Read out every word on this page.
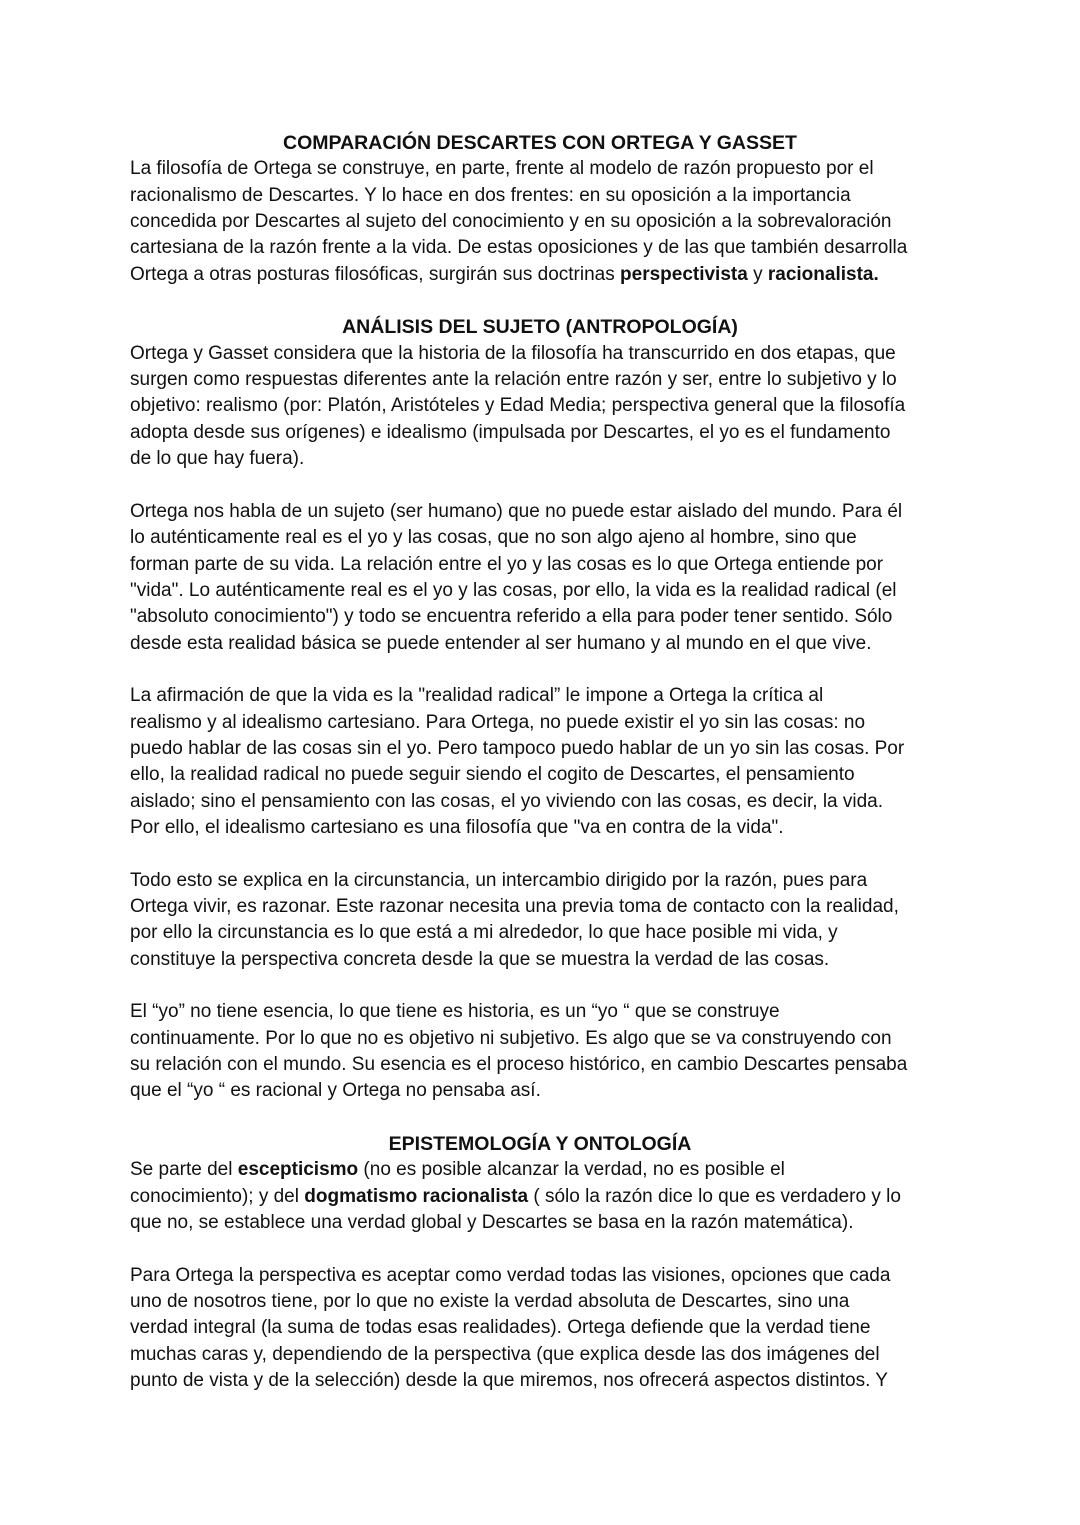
COMPARACIÓN DESCARTES CON ORTEGA Y GASSET
La filosofía de Ortega se construye, en parte, frente al modelo de razón propuesto por el
racionalismo de Descartes. Y lo hace en dos frentes: en su oposición a la importancia
concedida por Descartes al sujeto del conocimiento y en su oposición a la sobrevaloración
cartesiana de la razón frente a la vida. De estas oposiciones y de las que también desarrolla
Ortega a otras posturas filosóficas, surgirán sus doctrinas perspectivista y racionalista.
ANÁLISIS DEL SUJETO (ANTROPOLOGÍA)
Ortega y Gasset considera que la historia de la filosofía ha transcurrido en dos etapas, que
surgen como respuestas diferentes ante la relación entre razón y ser, entre lo subjetivo y lo
objetivo: realismo (por: Platón, Aristóteles y Edad Media; perspectiva general que la filosofía
adopta desde sus orígenes) e idealismo (impulsada por Descartes, el yo es el fundamento
de lo que hay fuera).
Ortega nos habla de un sujeto (ser humano) que no puede estar aislado del mundo. Para él
lo auténticamente real es el yo y las cosas, que no son algo ajeno al hombre, sino que
forman parte de su vida. La relación entre el yo y las cosas es lo que Ortega entiende por
"vida". Lo auténticamente real es el yo y las cosas, por ello, la vida es la realidad radical (el
"absoluto conocimiento") y todo se encuentra referido a ella para poder tener sentido. Sólo
desde esta realidad básica se puede entender al ser humano y al mundo en el que vive.
La afirmación de que la vida es la "realidad radical” le impone a Ortega la crítica al
realismo y al idealismo cartesiano. Para Ortega, no puede existir el yo sin las cosas: no
puedo hablar de las cosas sin el yo. Pero tampoco puedo hablar de un yo sin las cosas. Por
ello, la realidad radical no puede seguir siendo el cogito de Descartes, el pensamiento
aislado; sino el pensamiento con las cosas, el yo viviendo con las cosas, es decir, la vida.
Por ello, el idealismo cartesiano es una filosofía que "va en contra de la vida".
Todo esto se explica en la circunstancia, un intercambio dirigido por la razón, pues para
Ortega vivir, es razonar. Este razonar necesita una previa toma de contacto con la realidad,
por ello la circunstancia es lo que está a mi alrededor, lo que hace posible mi vida, y
constituye la perspectiva concreta desde la que se muestra la verdad de las cosas.
El “yo” no tiene esencia, lo que tiene es historia, es un “yo “ que se construye
continuamente. Por lo que no es objetivo ni subjetivo. Es algo que se va construyendo con
su relación con el mundo. Su esencia es el proceso histórico, en cambio Descartes pensaba
que el “yo “ es racional y Ortega no pensaba así.
EPISTEMOLOGÍA Y ONTOLOGÍA
Se parte del escepticismo (no es posible alcanzar la verdad, no es posible el
conocimiento); y del dogmatismo racionalista ( sólo la razón dice lo que es verdadero y lo
que no, se establece una verdad global y Descartes se basa en la razón matemática).
Para Ortega la perspectiva es aceptar como verdad todas las visiones, opciones que cada
uno de nosotros tiene, por lo que no existe la verdad absoluta de Descartes, sino una
verdad integral (la suma de todas esas realidades). Ortega defiende que la verdad tiene
muchas caras y, dependiendo de la perspectiva (que explica desde las dos imágenes del
punto de vista y de la selección) desde la que miremos, nos ofrecerá aspectos distintos. Y
